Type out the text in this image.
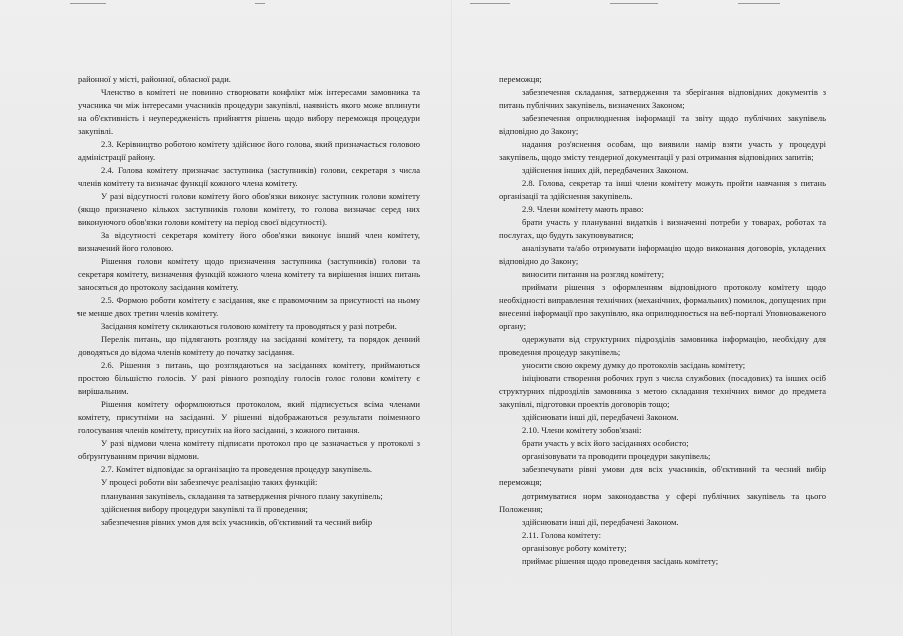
районної у місті, районної, обласної ради.

Членство в комітеті не повинно створювати конфлікт між інтересами замовника та учасника чи між інтересами учасників процедури закупівлі, наявність якого може вплинути на об'єктивність і неупередженість прийняття рішень щодо вибору переможця процедури закупівлі.

2.3. Керівництво роботою комітету здійснює його голова, який призначається головою адміністрації району.

2.4. Голова комітету призначає заступника (заступників) голови, секретаря з числа членів комітету та визначає функції кожного члена комітету.

У разі відсутності голови комітету його обов'язки виконує заступник голови комітету (якщо призначено кількох заступників голови комітету, то голова визначає серед них виконуючого обов'язки голови комітету на період своєї відсутності).

За відсутності секретаря комітету його обов'язки виконує інший член комітету, визначений його головою.

Рішення голови комітету щодо призначення заступника (заступників) голови та секретаря комітету, визначення функцій кожного члена комітету та вирішення інших питань заносяться до протоколу засідання комітету.

2.5. Формою роботи комітету є засідання, яке є правомочним за присутності на ньому не менше двох третин членів комітету.

Засідання комітету скликаються головою комітету та проводяться у разі потреби.

Перелік питань, що підлягають розгляду на засіданні комітету, та порядок денний доводяться до відома членів комітету до початку засідання.

2.6. Рішення з питань, що розглядаються на засіданнях комітету, приймаються простою більшістю голосів. У разі рівного розподілу голосів голос голови комітету є вирішальним.

Рішення комітету оформлюються протоколом, який підписується всіма членами комітету, присутніми на засіданні. У рішенні відображаються результати поіменного голосування членів комітету, присутніх на його засіданні, з кожного питання.

У разі відмови члена комітету підписати протокол про це зазначається у протоколі з обґрунтуванням причин відмови.

2.7. Комітет відповідає за організацію та проведення процедур закупівель.

У процесі роботи він забезпечує реалізацію таких функцій:

планування закупівель, складання та затвердження річного плану закупівель;

здійснення вибору процедури закупівлі та її проведення;

забезпечення рівних умов для всіх учасників, об'єктивний та чесний вибір

переможця;

забезпечення складання, затвердження та зберігання відповідних документів з питань публічних закупівель, визначених Законом;

забезпечення оприлюднення інформації та звіту щодо публічних закупівель відповідно до Закону;

надання роз'яснення особам, що виявили намір взяти участь у процедурі закупівель, щодо змісту тендерної документації у разі отримання відповідних запитів;

здійснення інших дій, передбачених Законом.

2.8. Голова, секретар та інші члени комітету можуть пройти навчання з питань організації та здійснення закупівель.

2.9. Члени комітету мають право:

брати участь у плануванні видатків і визначенні потреби у товарах, роботах та послугах, що будуть закуповуватися;

аналізувати та/або отримувати інформацію щодо виконання договорів, укладених відповідно до Закону;

виносити питання на розгляд комітету;

приймати рішення з оформленням відповідного протоколу комітету щодо необхідності виправлення технічних (механічних, формальних) помилок, допущених при внесенні інформації про закупівлю, яка оприлюднюється на веб-порталі Уповноваженого органу;

одержувати від структурних підрозділів замовника інформацію, необхідну для проведення процедур закупівель;

уносити свою окрему думку до протоколів засідань комітету;

ініціювати створення робочих груп з числа службових (посадових) та інших осіб структурних підрозділів замовника з метою складання технічних вимог до предмета закупівлі, підготовки проектів договорів тощо;

здійснювати інші дії, передбачені Законом.

2.10. Члени комітету зобов'язані:

брати участь у всіх його засіданнях особисто;

організовувати та проводити процедури закупівель;

забезпечувати рівні умови для всіх учасників, об'єктивний та чесний вибір переможця;

дотримуватися норм законодавства у сфері публічних закупівель та цього Положення;

здійснювати інші дії, передбачені Законом.

2.11. Голова комітету:

організовує роботу комітету;

приймає рішення щодо проведення засідань комітету;
